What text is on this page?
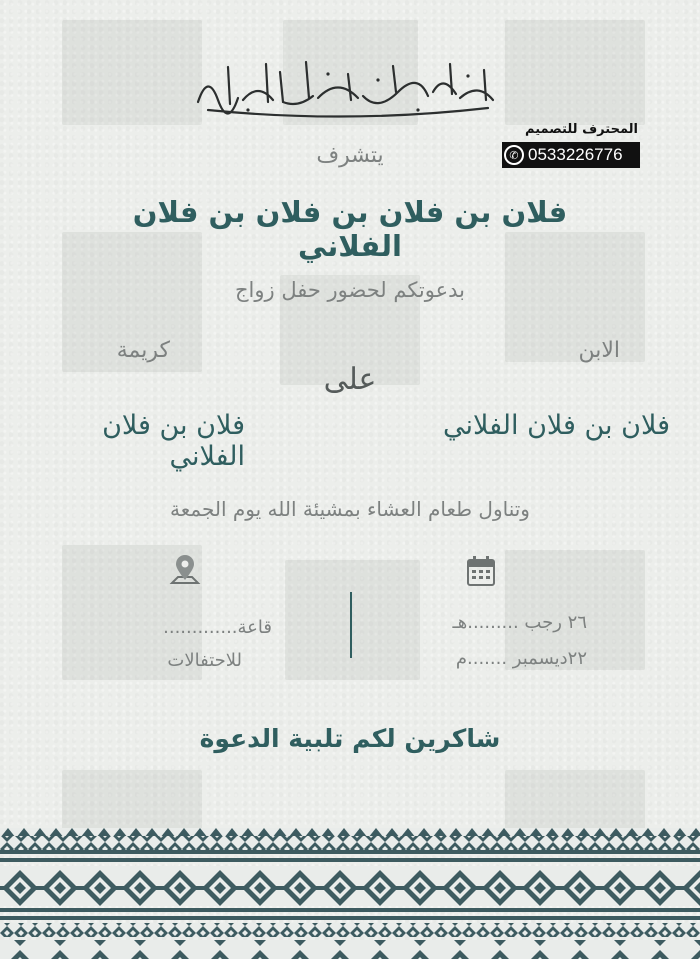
المحترف للتصميم
✆ 0533226776
يتشرف
فلان بن فلان بن فلان بن فلان الفلاني
بدعوتكم لحضور حفل زواج
الابن
كريمة
على
فلان بن فلان الفلاني
فلان بن فلان الفلاني
وتناول طعام العشاء بمشيئة الله يوم الجمعة
٢٦ رجب .........هـ
٢٢ديسمبر .......م
قاعة.............
للاحتفالات
شاكرين لكم تلبية الدعوة
